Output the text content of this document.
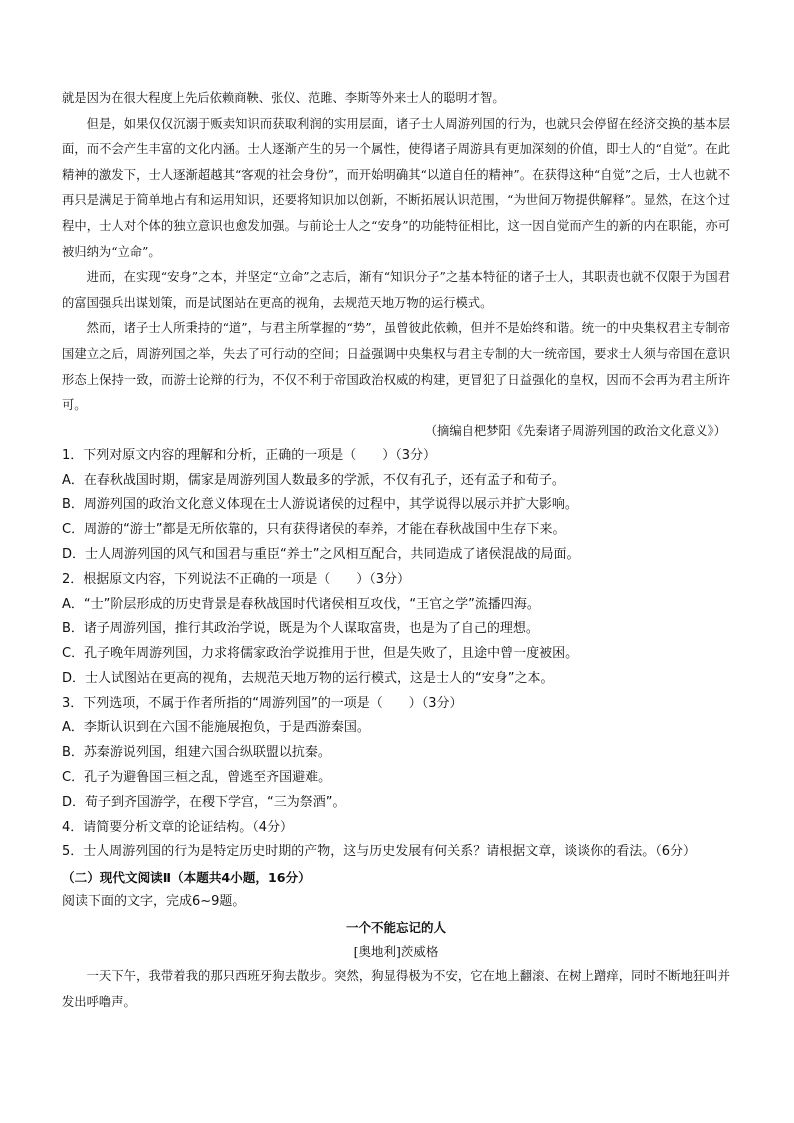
就是因为在很大程度上先后依赖商鞅、张仪、范雎、李斯等外来士人的聪明才智。

但是，如果仅仅沉溺于贩卖知识而获取利润的实用层面，诸子士人周游列国的行为，也就只会停留在经济交换的基本层面，而不会产生丰富的文化内涵。士人逐渐产生的另一个属性，使得诸子周游具有更加深刻的价值，即士人的“自觉”。在此精神的激发下，士人逐渐超越其“客观的社会身份”，而开始明确其“以道自任的精神”。在获得这种“自觉”之后，士人也就不再只是满足于简单地占有和运用知识，还要将知识加以创新，不断拓展认识范围，“为世间万物提供解释”。显然，在这个过程中，士人对个体的独立意识也愈发加强。与前论士人之“安身”的功能特征相比，这一因自觉而产生的新的内在职能，亦可被归纳为“立命”。

进而，在实现“安身”之本，并坚定“立命”之志后，渐有“知识分子”之基本特征的诸子士人，其职责也就不仅限于为国君的富国强兵出谋划策，而是试图站在更高的视角，去规范天地万物的运行模式。

然而，诸子士人所秉持的“道”，与君主所掌握的“势”，虽曾彼此依赖，但并不是始终和谐。统一的中央集权君主专制帝国建立之后，周游列国之举，失去了可行动的空间；日益强调中央集权与君主专制的大一统帝国，要求士人须与帝国在意识形态上保持一致，而游士论辩的行为，不仅不利于帝国政治权威的构建，更冒犯了日益强化的皇权，因而不会再为君主所许可。

（摘编自杷梦阳《先秦诸子周游列国的政治文化意义》）

1．下列对原文内容的理解和分析，正确的一项是（　　）（3分）

A．在春秋战国时期，儒家是周游列国人数最多的学派，不仅有孔子，还有孟子和荀子。

B．周游列国的政治文化意义体现在士人游说诸侯的过程中，其学说得以展示并扩大影响。

C．周游的“游士”都是无所依靠的，只有获得诸侯的奉养，才能在春秋战国中生存下来。

D．士人周游列国的风气和国君与重臣“养士”之风相互配合，共同造成了诸侯混战的局面。

2．根据原文内容，下列说法不正确的一项是（　　）（3分）

A．“士”阶层形成的历史背景是春秋战国时代诸侯相互攻伐，“王官之学”流播四海。

B．诸子周游列国，推行其政治学说，既是为个人谋取富贵，也是为了自己的理想。

C．孔子晚年周游列国，力求将儒家政治学说推用于世，但是失败了，且途中曾一度被困。

D．士人试图站在更高的视角，去规范天地万物的运行模式，这是士人的“安身”之本。

3．下列选项，不属于作者所指的“周游列国”的一项是（　　）（3分）

A．李斯认识到在六国不能施展抱负，于是西游秦国。

B．苏秦游说列国，组建六国合纵联盟以抗秦。

C．孔子为避鲁国三桓之乱，曾逃至齐国避难。

D．荀子到齐国游学，在稷下学宫，“三为祭酒”。

4．请简要分析文章的论证结构。（4分）

5．士人周游列国的行为是特定历史时期的产物，这与历史发展有何关系？请根据文章，谈谈你的看法。（6分）

（二）现代文阅读Ⅱ（本题共4小题，16分）

阅读下面的文字，完成6~9题。

一个不能忘记的人

[奥地利]茨威格

一天下午，我带着我的那只西班牙狗去散步。突然，狗显得极为不安，它在地上翻滚、在树上蹭痒，同时不断地狂叫并发出呼噜声。
